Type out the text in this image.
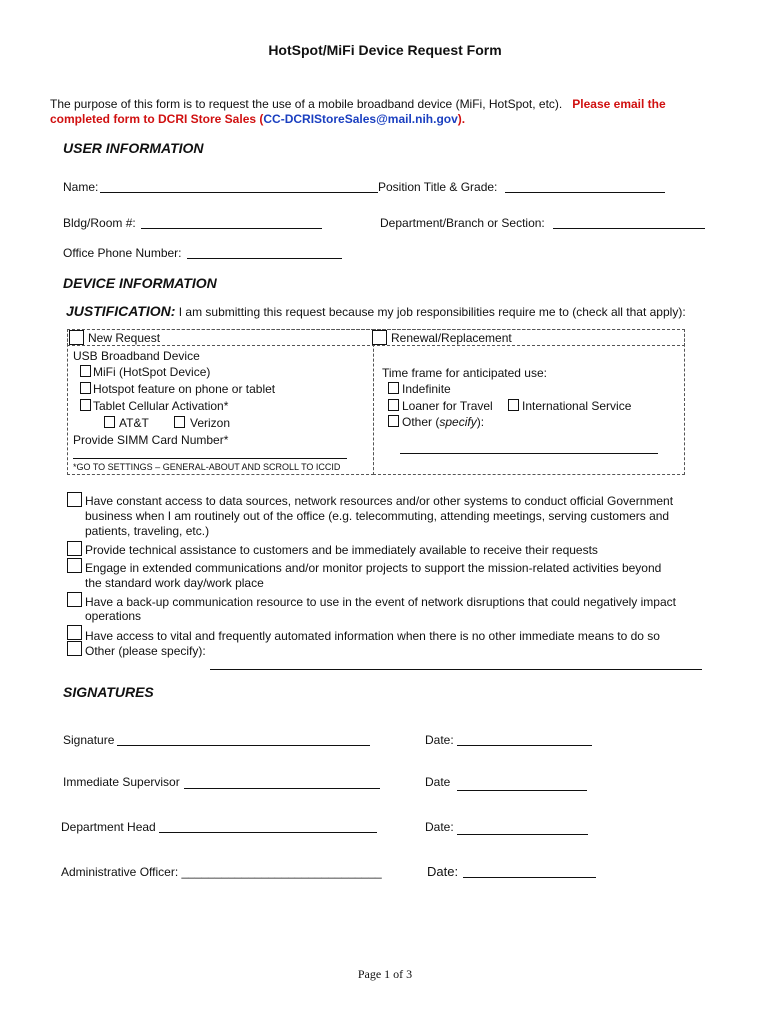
HotSpot/MiFi Device Request Form
The purpose of this form is to request the use of a mobile broadband device (MiFi, HotSpot, etc). Please email the
completed form to DCRI Store Sales (CC-DCRIStoreSales@mail.nih.gov).
USER INFORMATION
Name:	Position Title & Grade:
Bldg/Room #:	Department/Branch or Section:
Office Phone Number:
DEVICE INFORMATION
JUSTIFICATION: I am submitting this request because my job responsibilities require me to (check all that apply):
New Request
USB Broadband Device
MiFi (HotSpot Device)
Hotspot feature on phone or tablet
Tablet Cellular Activation*
AT&T	Verizon
Provide SIMM Card Number*
*GO TO SETTINGS – GENERAL-ABOUT AND SCROLL TO ICCID
Renewal/Replacement
Time frame for anticipated use:
Indefinite
Loaner for Travel International Service
Other (specify):
Have constant access to data sources, network resources and/or other systems to conduct official Government
business when I am routinely out of the office (e.g. telecommuting, attending meetings, serving customers and
patients, traveling, etc.)
Provide technical assistance to customers and be immediately available to receive their requests
Engage in extended communications and/or monitor projects to support the mission-related activities beyond
the standard work day/work place
Have a back-up communication resource to use in the event of network disruptions that could negatively impact
operations
Have access to vital and frequently automated information when there is no other immediate means to do so
Other (please specify):
SIGNATURES
Signature	Date:
Immediate Supervisor	Date
Department Head	Date:
Administrative Officer: ______________________________	Date:
Page 1 of 3
